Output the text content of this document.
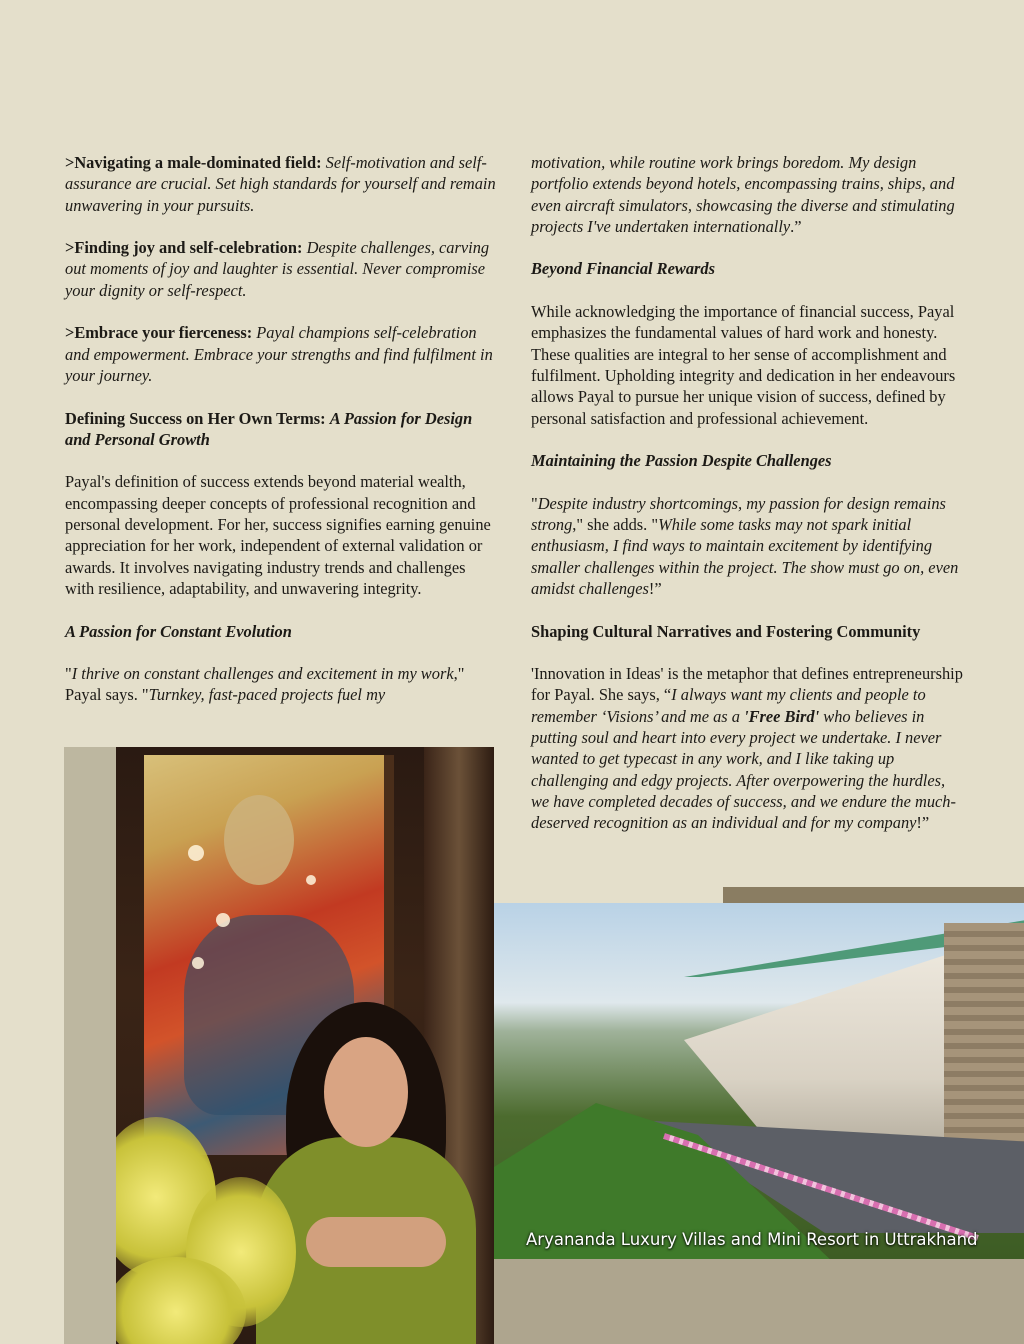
>Navigating a male-dominated field: Self-motivation and self-assurance are crucial. Set high standards for yourself and remain unwavering in your pursuits.

>Finding joy and self-celebration: Despite challenges, carving out moments of joy and laughter is essential. Never compromise your dignity or self-respect.

>Embrace your fierceness: Payal champions self-celebration and empowerment. Embrace your strengths and find fulfilment in your journey.

Defining Success on Her Own Terms: A Passion for Design and Personal Growth

Payal's definition of success extends beyond material wealth, encompassing deeper concepts of professional recognition and personal development. For her, success signifies earning genuine appreciation for her work, independent of external validation or awards. It involves navigating industry trends and challenges with resilience, adaptability, and unwavering integrity.

A Passion for Constant Evolution

"I thrive on constant challenges and excitement in my work," Payal says. "Turnkey, fast-paced projects fuel my

motivation, while routine work brings boredom. My design portfolio extends beyond hotels, encompassing trains, ships, and even aircraft simulators, showcasing the diverse and stimulating projects I've undertaken internationally.”

Beyond Financial Rewards

While acknowledging the importance of financial success, Payal emphasizes the fundamental values of hard work and honesty. These qualities are integral to her sense of accomplishment and fulfilment. Upholding integrity and dedication in her endeavours allows Payal to pursue her unique vision of success, defined by personal satisfaction and professional achievement.

Maintaining the Passion Despite Challenges

"Despite industry shortcomings, my passion for design remains strong," she adds. "While some tasks may not spark initial enthusiasm, I find ways to maintain excitement by identifying smaller challenges within the project. The show must go on, even amidst challenges!”

Shaping Cultural Narratives and Fostering Community

'Innovation in Ideas' is the metaphor that defines entrepreneurship for Payal. She says, “I always want my clients and people to remember ‘Visions’ and me as a 'Free Bird' who believes in putting soul and heart into every project we undertake. I never wanted to get typecast in any work, and I like taking up challenging and edgy projects. After overpowering the hurdles, we have completed decades of success, and we endure the much-deserved recognition as an individual and for my company!”

Aryananda Luxury Villas and Mini Resort in Uttrakhand
